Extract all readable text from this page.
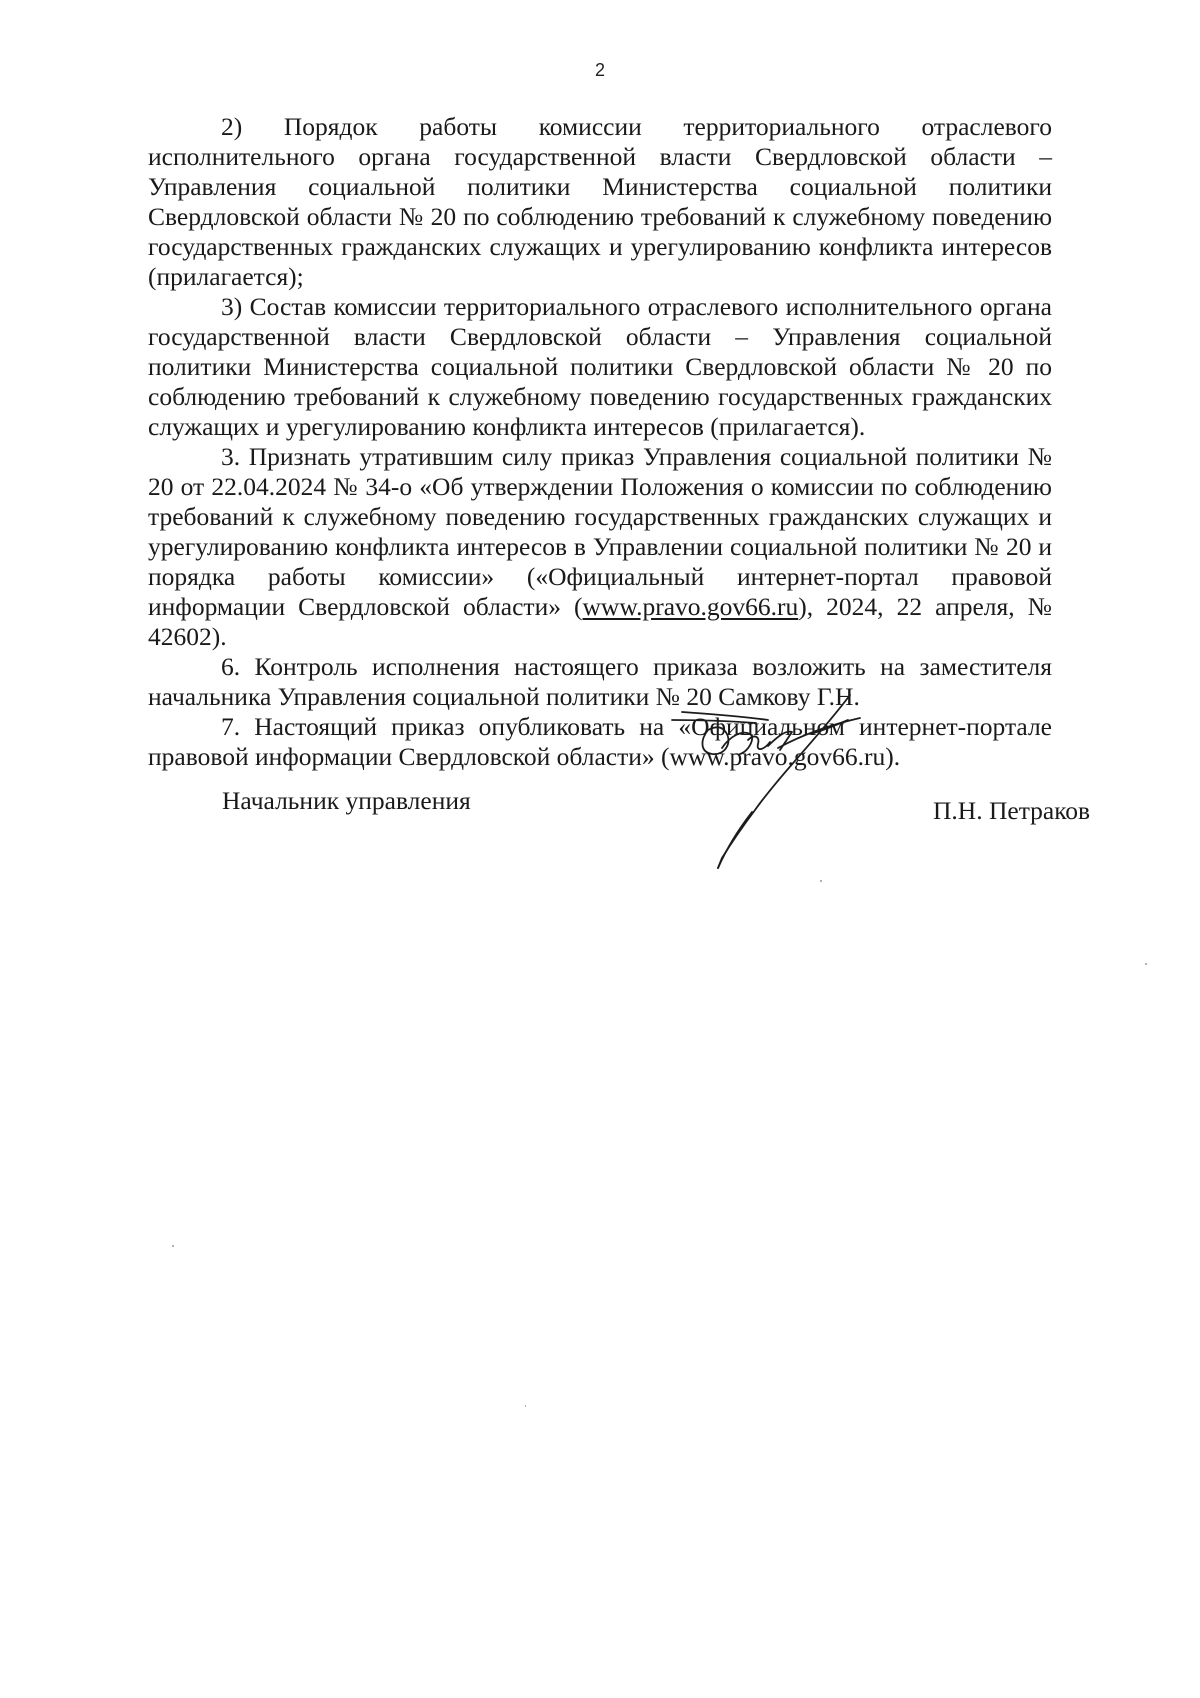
2

2) Порядок работы комиссии территориального отраслевого исполнительного органа государственной власти Свердловской области – Управления социальной политики Министерства социальной политики Свердловской области № 20 по соблюдению требований к служебному поведению государственных гражданских служащих и урегулированию конфликта интересов (прилагается);

3) Состав комиссии территориального отраслевого исполнительного органа государственной власти Свердловской области – Управления социальной политики Министерства социальной политики Свердловской области № 20 по соблюдению требований к служебному поведению государственных гражданских служащих и урегулированию конфликта интересов (прилагается).

3. Признать утратившим силу приказ Управления социальной политики № 20 от 22.04.2024 № 34-о «Об утверждении Положения о комиссии по соблюдению требований к служебному поведению государственных гражданских служащих и урегулированию конфликта интересов в Управлении социальной политики № 20 и порядка работы комиссии» («Официальный интернет-портал правовой информации Свердловской области» (www.pravo.gov66.ru), 2024, 22 апреля, № 42602).

6. Контроль исполнения настоящего приказа возложить на заместителя начальника Управления социальной политики № 20 Самкову Г.Н.

7. Настоящий приказ опубликовать на «Официальном интернет-портале правовой информации Свердловской области» (www.pravo.gov66.ru).

Начальник управления	П.Н. Петраков
